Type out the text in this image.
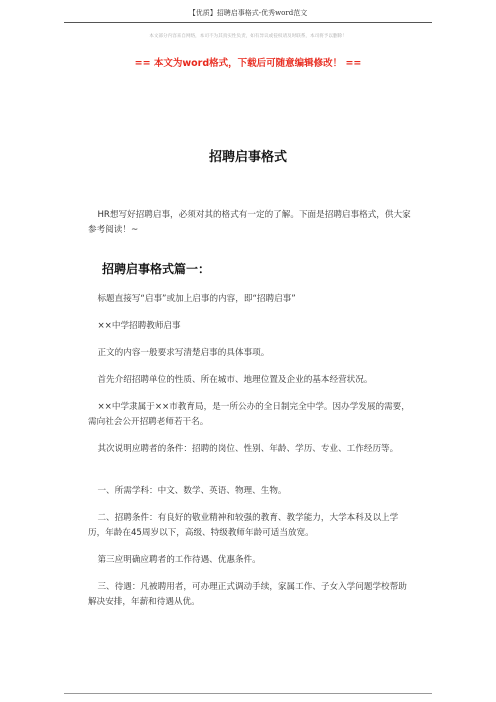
【优质】招聘启事格式-优秀word范文
本文部分内容来自网络，本司不为其真实性负责，如有异议或侵权请及时联系，本司将予以删除！
== 本文为word格式，下载后可随意编辑修改！ ==
招聘启事格式
HR想写好招聘启事，必须对其的格式有一定的了解。下面是招聘启事格式，供大家参考阅读！~
招聘启事格式篇一：
标题直接写“启事”或加上启事的内容，即“招聘启事”
××中学招聘教师启事
正文的内容一般要求写清楚启事的具体事项。
首先介绍招聘单位的性质、所在城市、地理位置及企业的基本经营状况。
××中学隶属于××市教育局，是一所公办的全日制完全中学。因办学发展的需要，需向社会公开招聘老师若干名。
其次说明应聘者的条件：招聘的岗位、性别、年龄、学历、专业、工作经历等。
一、所需学科：中文、数学、英语、物理、生物。
二、招聘条件：有良好的敬业精神和较强的教育、教学能力，大学本科及以上学历，年龄在45周岁以下，高级、特级教师年龄可适当放宽。
第三应明确应聘者的工作待遇、优惠条件。
三、待遇：凡被聘用者，可办理正式调动手续，家属工作、子女入学问题学校帮助解决安排，年薪和待遇从优。
